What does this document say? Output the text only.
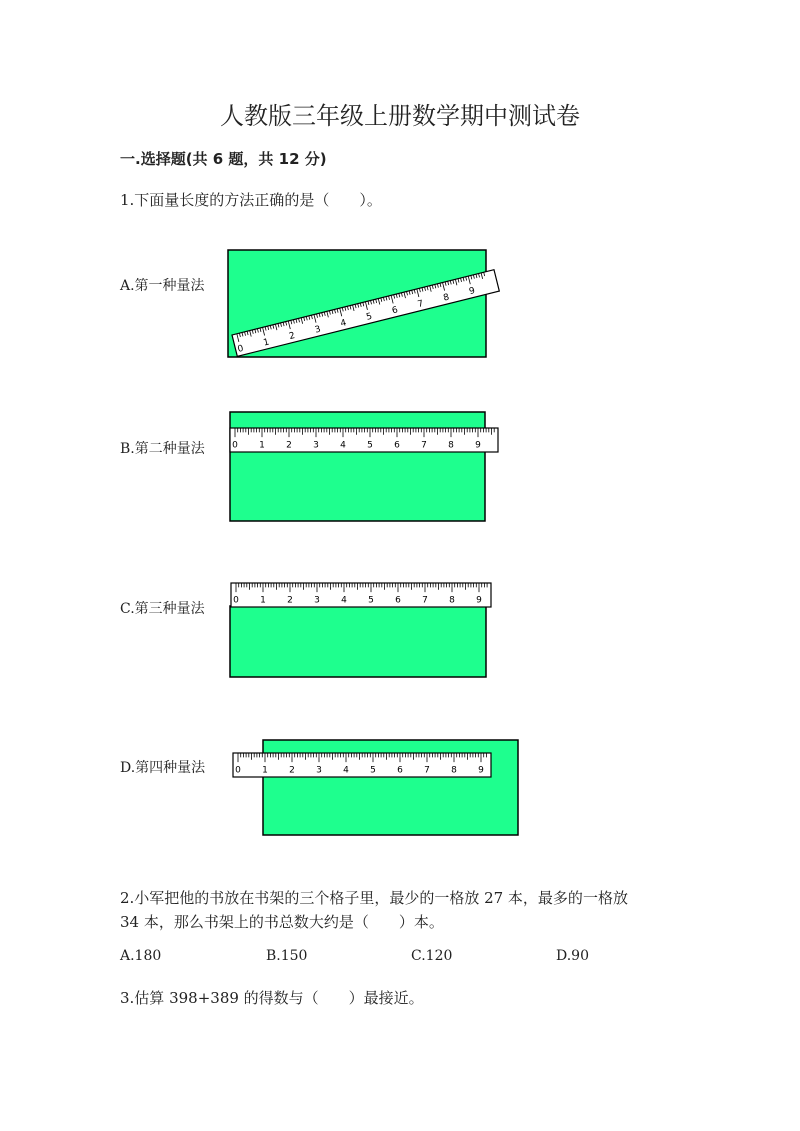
人教版三年级上册数学期中测试卷
一.选择题(共 6 题，共 12 分)
1.下面量长度的方法正确的是（　　）。
A.第一种量法
B.第二种量法
C.第三种量法
D.第四种量法
0
1
2
3
4
5
6
7
8
9
0 1 2 3 4 5 6 7 8 9
0 1 2 3 4 5 6 7 8 9
0 1 2 3 4 5 6 7 8 9
2.小军把他的书放在书架的三个格子里，最少的一格放 27 本，最多的一格放
34 本，那么书架上的书总数大约是（　　）本。
A.180	B.150	C.120	D.90
3.估算 398+389 的得数与（　　）最接近。
